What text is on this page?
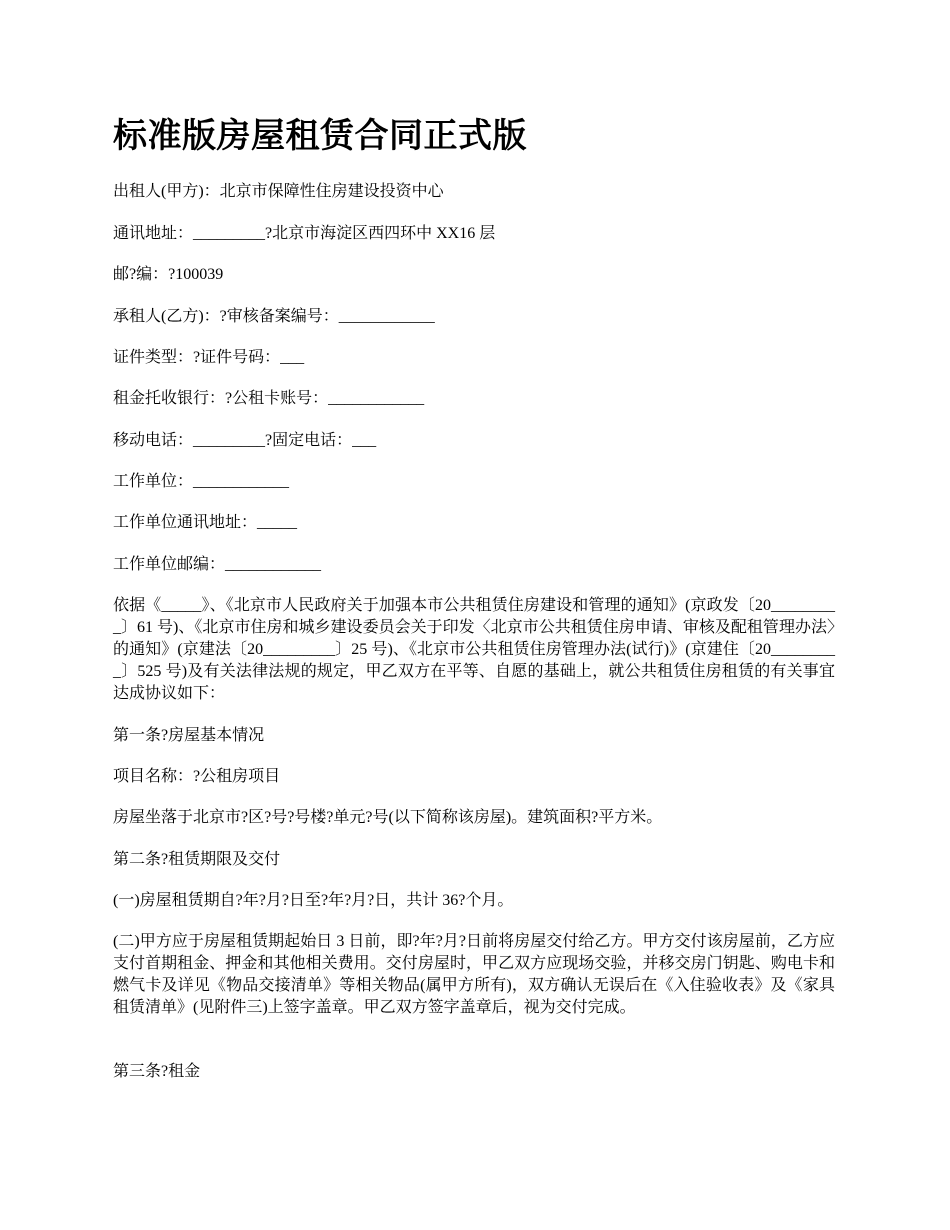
标准版房屋租赁合同正式版

出租人(甲方)：北京市保障性住房建设投资中心

通讯地址：_________?北京市海淀区西四环中 XX16 层

邮?编：?100039

承租人(乙方)：?审核备案编号：____________

证件类型：?证件号码：___

租金托收银行：?公租卡账号：____________

移动电话：_________?固定电话：___

工作单位：____________

工作单位通讯地址：_____

工作单位邮编：____________

依据《_____》、《北京市人民政府关于加强本市公共租赁住房建设和管理的通知》(京政发〔20_________〕61 号)、《北京市住房和城乡建设委员会关于印发〈北京市公共租赁住房申请、审核及配租管理办法〉的通知》(京建法〔20_________〕25 号)、《北京市公共租赁住房管理办法(试行)》(京建住〔20_________〕525 号)及有关法律法规的规定，甲乙双方在平等、自愿的基础上，就公共租赁住房租赁的有关事宜达成协议如下：

第一条?房屋基本情况

项目名称：?公租房项目

房屋坐落于北京市?区?号?号楼?单元?号(以下简称该房屋)。建筑面积?平方米。

第二条?租赁期限及交付

(一)房屋租赁期自?年?月?日至?年?月?日，共计 36?个月。

(二)甲方应于房屋租赁期起始日 3 日前，即?年?月?日前将房屋交付给乙方。甲方交付该房屋前，乙方应支付首期租金、押金和其他相关费用。交付房屋时，甲乙双方应现场交验，并移交房门钥匙、购电卡和燃气卡及详见《物品交接清单》等相关物品(属甲方所有)，双方确认无误后在《入住验收表》及《家具租赁清单》(见附件三)上签字盖章。甲乙双方签字盖章后，视为交付完成。

第三条?租金
